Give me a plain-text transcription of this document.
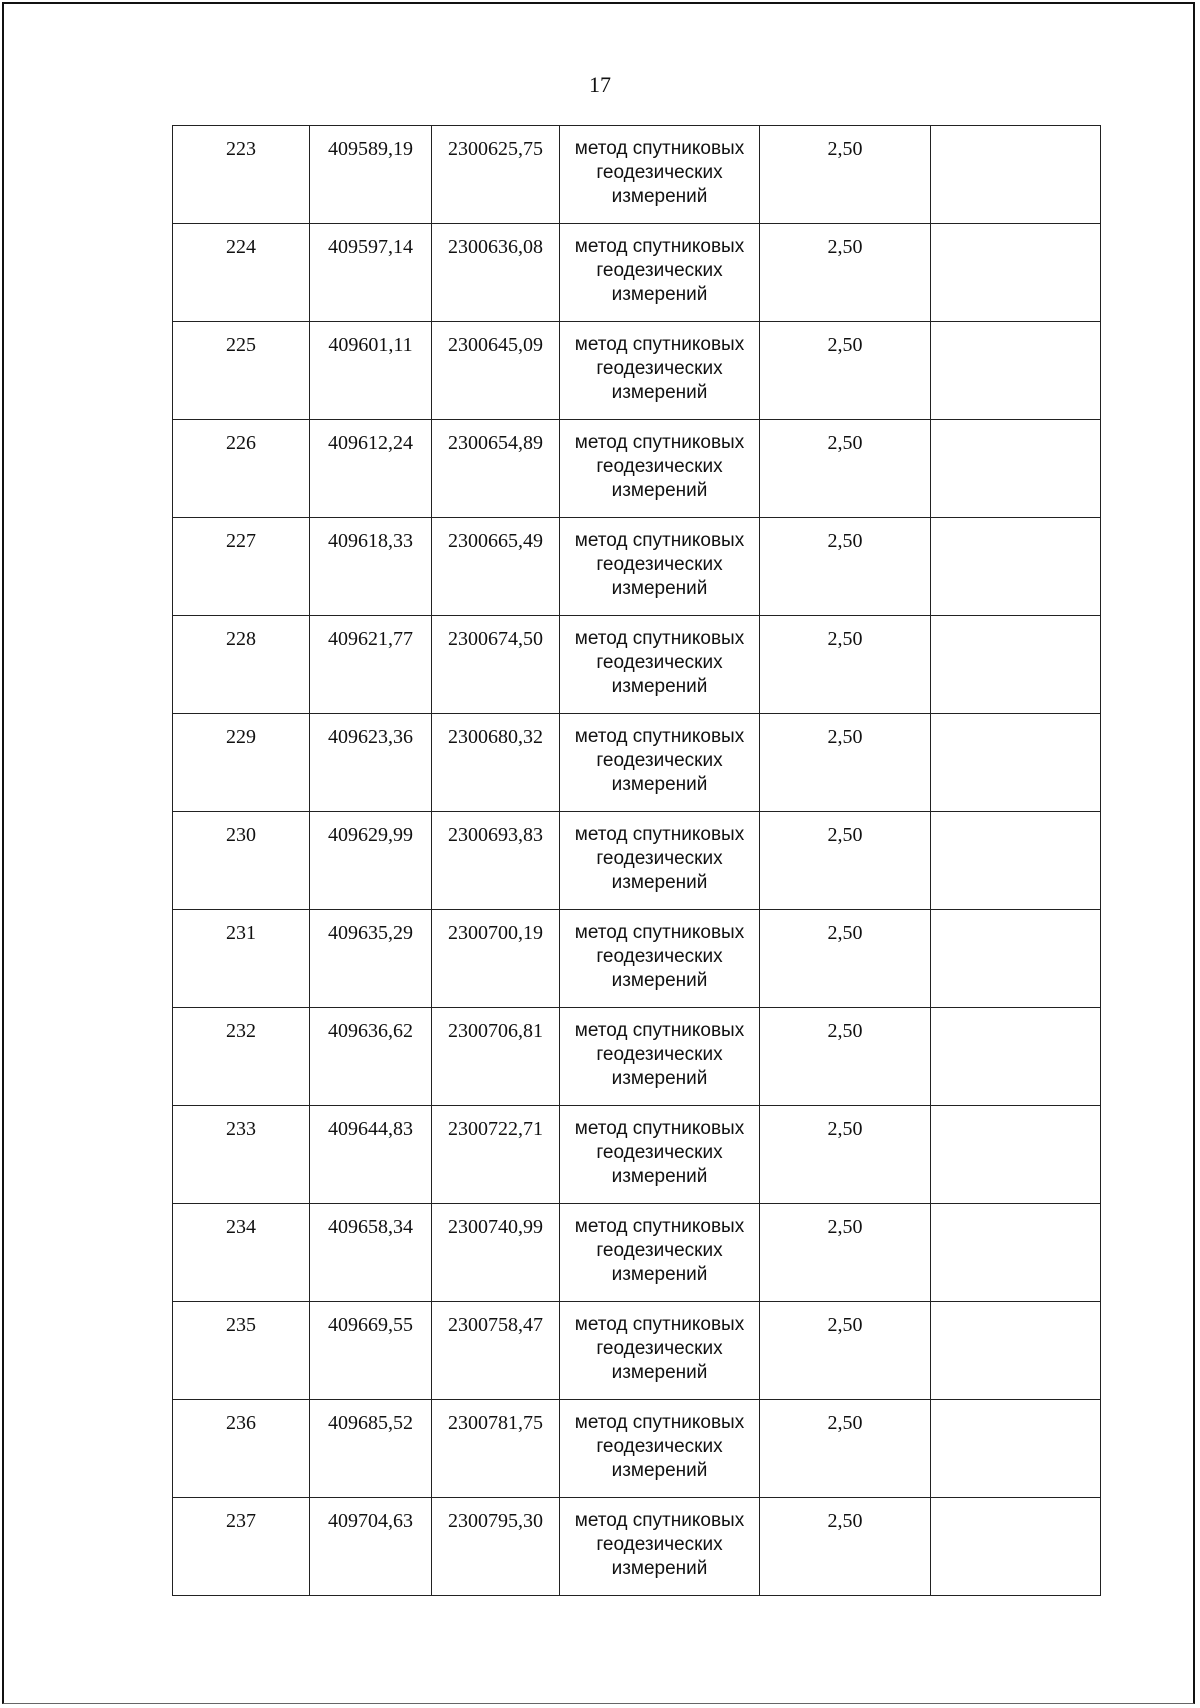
17
223	409589,19	2300625,75	метод спутниковых геодезических измерений	2,50	
224	409597,14	2300636,08	метод спутниковых геодезических измерений	2,50	
225	409601,11	2300645,09	метод спутниковых геодезических измерений	2,50	
226	409612,24	2300654,89	метод спутниковых геодезических измерений	2,50	
227	409618,33	2300665,49	метод спутниковых геодезических измерений	2,50	
228	409621,77	2300674,50	метод спутниковых геодезических измерений	2,50	
229	409623,36	2300680,32	метод спутниковых геодезических измерений	2,50	
230	409629,99	2300693,83	метод спутниковых геодезических измерений	2,50	
231	409635,29	2300700,19	метод спутниковых геодезических измерений	2,50	
232	409636,62	2300706,81	метод спутниковых геодезических измерений	2,50	
233	409644,83	2300722,71	метод спутниковых геодезических измерений	2,50	
234	409658,34	2300740,99	метод спутниковых геодезических измерений	2,50	
235	409669,55	2300758,47	метод спутниковых геодезических измерений	2,50	
236	409685,52	2300781,75	метод спутниковых геодезических измерений	2,50	
237	409704,63	2300795,30	метод спутниковых геодезических измерений	2,50	
